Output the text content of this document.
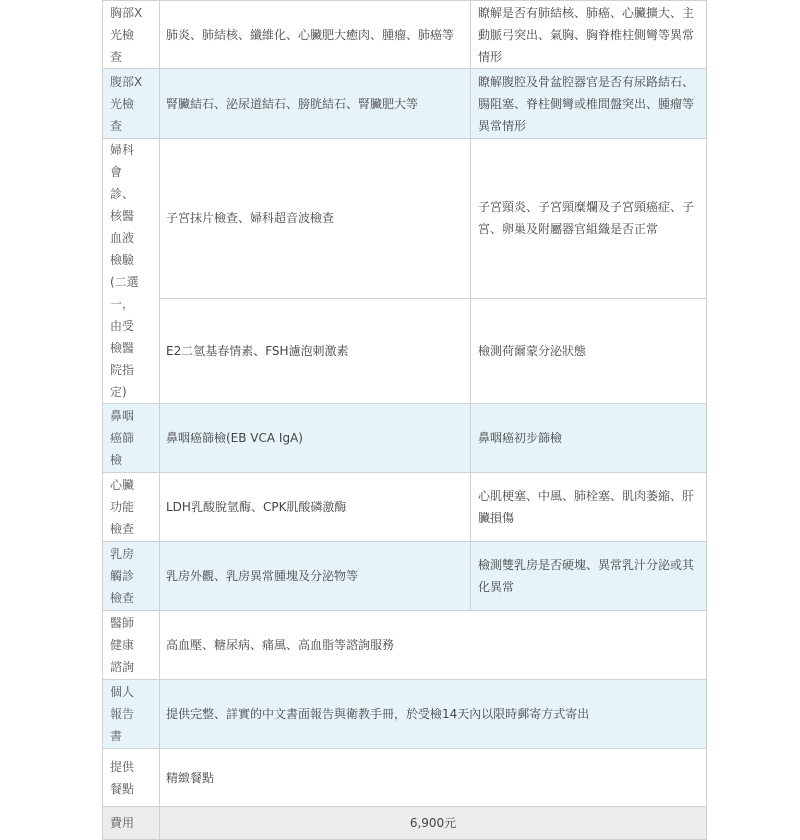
胸部X光檢查	肺炎、肺結核、纖維化、心臟肥大癒肉、腫瘤、肺癌等	瞭解是否有肺結核、肺癌、心臟擴大、主動脈弓突出、氣胸、胸脊椎柱側彎等異常情形

腹部X光檢查	腎臟結石、泌尿道結石、膀胱結石、腎臟肥大等	瞭解腹腔及骨盆腔器官是否有尿路結石、腸阻塞、脊柱側彎或椎間盤突出、腫瘤等異常情形

婦科會診、核醫血液檢驗(二選一，由受檢醫院指定)	子宮抹片檢查、婦科超音波檢查	子宮頸炎、子宮頸糜爛及子宮頸癌症、子宮、卵巢及附屬器官組織是否正常
	E2二氫基春情素、FSH濾泡刺激素	檢測荷爾蒙分泌狀態

鼻咽癌篩檢	鼻咽癌篩檢(EB VCA IgA)	鼻咽癌初步篩檢

心臟功能檢查	LDH乳酸脫氫酶、CPK肌酸磷激酶	心肌梗塞、中風、肺栓塞、肌肉萎縮、肝臟損傷

乳房觸診檢查	乳房外觀、乳房異常腫塊及分泌物等	檢測雙乳房是否硬塊、異常乳汁分泌或其化異常

醫師健康諮詢	高血壓、糖尿病、痛風、高血脂等諮詢服務	

個人報告書	提供完整、詳實的中文書面報告與衛教手冊，於受檢14天內以限時郵寄方式寄出	

提供餐點	精緻餐點	
費用	6,900元	
